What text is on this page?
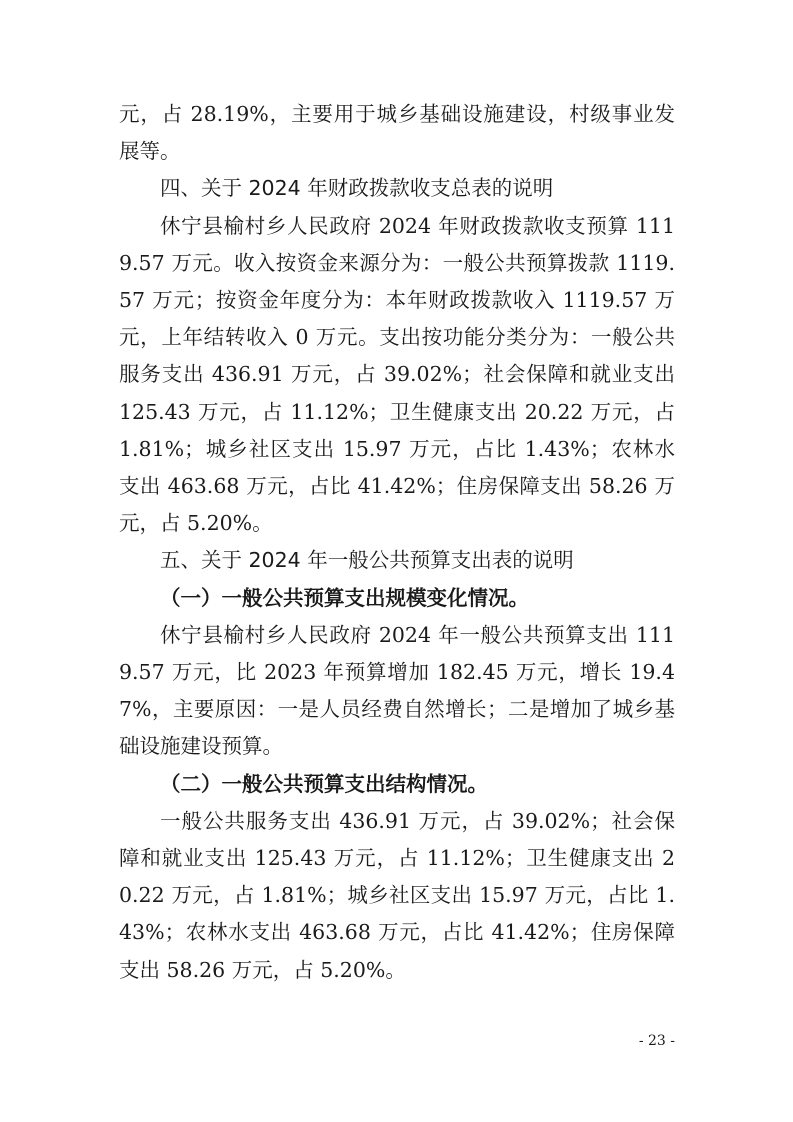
元，占 28.19%，主要用于城乡基础设施建设，村级事业发展等。

四、关于 2024 年财政拨款收支总表的说明

休宁县榆村乡人民政府 2024 年财政拨款收支预算 1119.57 万元。收入按资金来源分为：一般公共预算拨款 1119.57 万元；按资金年度分为：本年财政拨款收入 1119.57 万元，上年结转收入 0 万元。支出按功能分类分为：一般公共服务支出 436.91 万元，占 39.02%；社会保障和就业支出 125.43 万元，占 11.12%；卫生健康支出 20.22 万元，占 1.81%；城乡社区支出 15.97 万元，占比 1.43%；农林水支出 463.68 万元，占比 41.42%；住房保障支出 58.26 万元，占 5.20%。

五、关于 2024 年一般公共预算支出表的说明
（一）一般公共预算支出规模变化情况。

休宁县榆村乡人民政府 2024 年一般公共预算支出 1119.57 万元，比 2023 年预算增加 182.45 万元，增长 19.47%，主要原因：一是人员经费自然增长；二是增加了城乡基础设施建设预算。

（二）一般公共预算支出结构情况。

一般公共服务支出 436.91 万元，占 39.02%；社会保障和就业支出 125.43 万元，占 11.12%；卫生健康支出 20.22 万元，占 1.81%；城乡社区支出 15.97 万元，占比 1.43%；农林水支出 463.68 万元，占比 41.42%；住房保障支出 58.26 万元，占 5.20%。

- 23 -
